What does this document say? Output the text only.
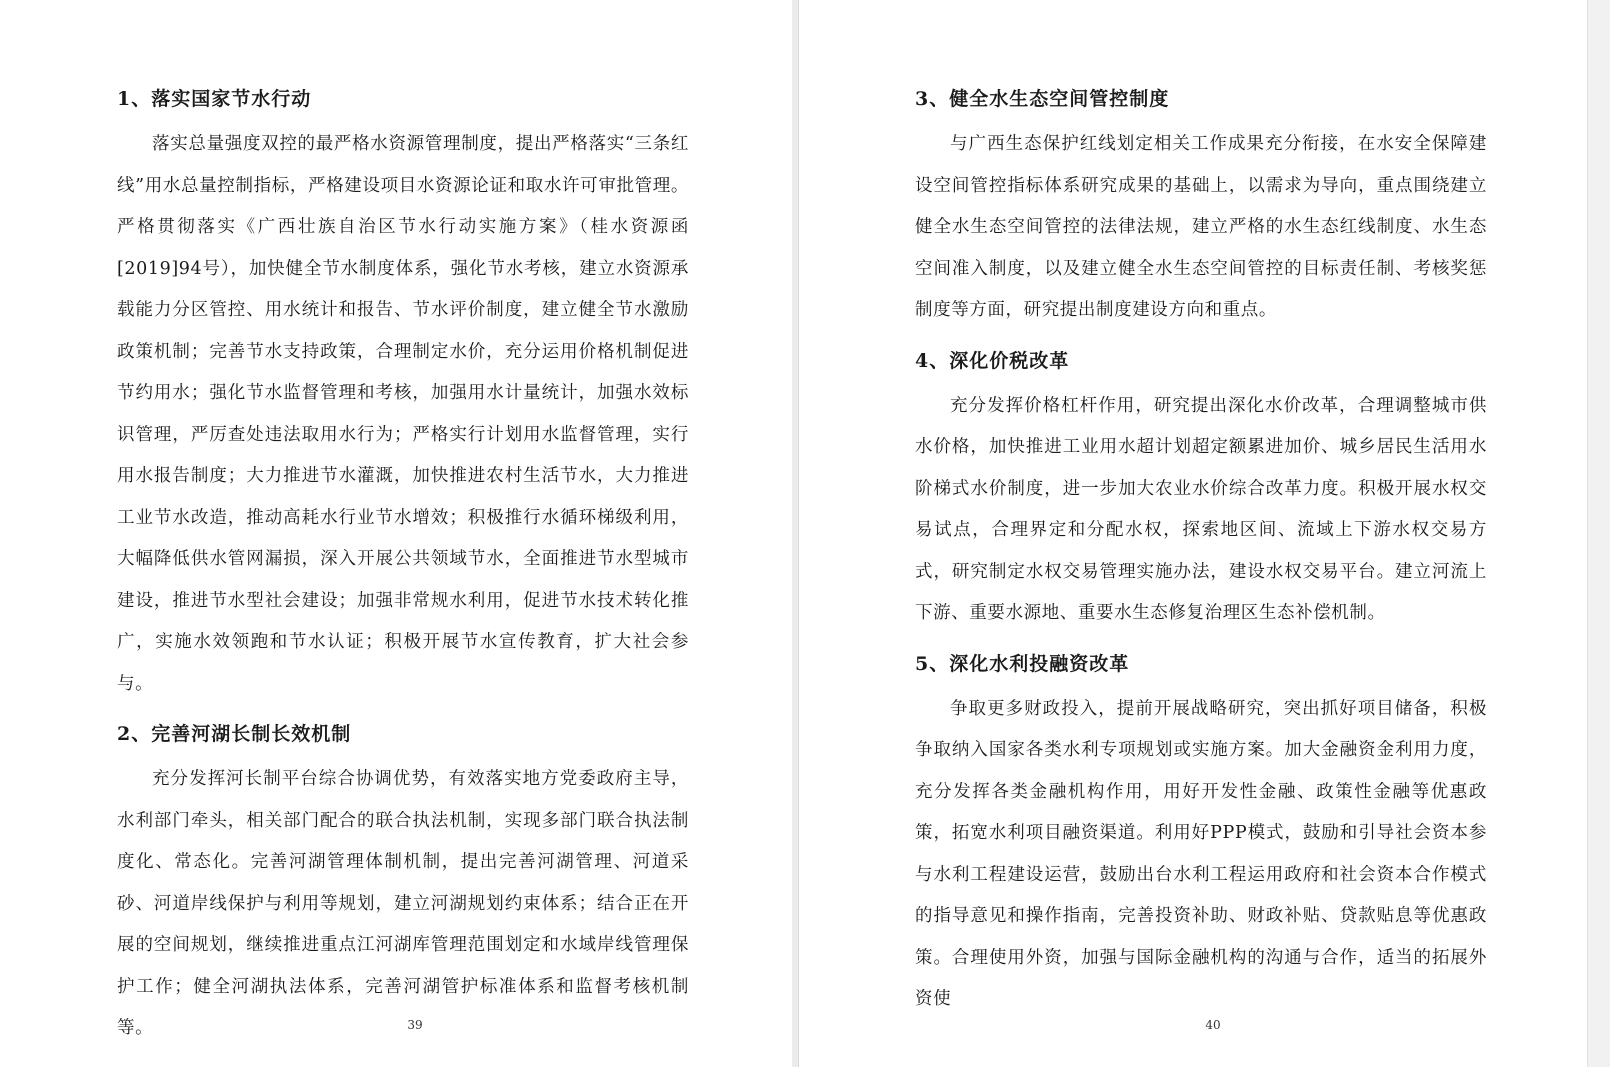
1、落实国家节水行动

落实总量强度双控的最严格水资源管理制度，提出严格落实“三条红线”用水总量控制指标，严格建设项目水资源论证和取水许可审批管理。严格贯彻落实《广西壮族自治区节水行动实施方案》（桂水资源函[2019]94号），加快健全节水制度体系，强化节水考核，建立水资源承载能力分区管控、用水统计和报告、节水评价制度，建立健全节水激励政策机制；完善节水支持政策，合理制定水价，充分运用价格机制促进节约用水；强化节水监督管理和考核，加强用水计量统计，加强水效标识管理，严厉查处违法取用水行为；严格实行计划用水监督管理，实行用水报告制度；大力推进节水灌溉，加快推进农村生活节水，大力推进工业节水改造，推动高耗水行业节水增效；积极推行水循环梯级利用，大幅降低供水管网漏损，深入开展公共领域节水，全面推进节水型城市建设，推进节水型社会建设；加强非常规水利用，促进节水技术转化推广，实施水效领跑和节水认证；积极开展节水宣传教育，扩大社会参与。

2、完善河湖长制长效机制

充分发挥河长制平台综合协调优势，有效落实地方党委政府主导，水利部门牵头，相关部门配合的联合执法机制，实现多部门联合执法制度化、常态化。完善河湖管理体制机制，提出完善河湖管理、河道采砂、河道岸线保护与利用等规划，建立河湖规划约束体系；结合正在开展的空间规划，继续推进重点江河湖库管理范围划定和水域岸线管理保护工作；健全河湖执法体系，完善河湖管护标准体系和监督考核机制等。	39
3、健全水生态空间管控制度

与广西生态保护红线划定相关工作成果充分衔接，在水安全保障建设空间管控指标体系研究成果的基础上，以需求为导向，重点围绕建立健全水生态空间管控的法律法规，建立严格的水生态红线制度、水生态空间准入制度，以及建立健全水生态空间管控的目标责任制、考核奖惩制度等方面，研究提出制度建设方向和重点。

4、深化价税改革

充分发挥价格杠杆作用，研究提出深化水价改革，合理调整城市供水价格，加快推进工业用水超计划超定额累进加价、城乡居民生活用水阶梯式水价制度，进一步加大农业水价综合改革力度。积极开展水权交易试点，合理界定和分配水权，探索地区间、流域上下游水权交易方式，研究制定水权交易管理实施办法，建设水权交易平台。建立河流上下游、重要水源地、重要水生态修复治理区生态补偿机制。

5、深化水利投融资改革

争取更多财政投入，提前开展战略研究，突出抓好项目储备，积极争取纳入国家各类水利专项规划或实施方案。加大金融资金利用力度，充分发挥各类金融机构作用，用好开发性金融、政策性金融等优惠政策，拓宽水利项目融资渠道。利用好PPP模式，鼓励和引导社会资本参与水利工程建设运营，鼓励出台水利工程运用政府和社会资本合作模式的指导意见和操作指南，完善投资补助、财政补贴、贷款贴息等优惠政策。合理使用外资，加强与国际金融机构的沟通与合作，适当的拓展外资使

40
